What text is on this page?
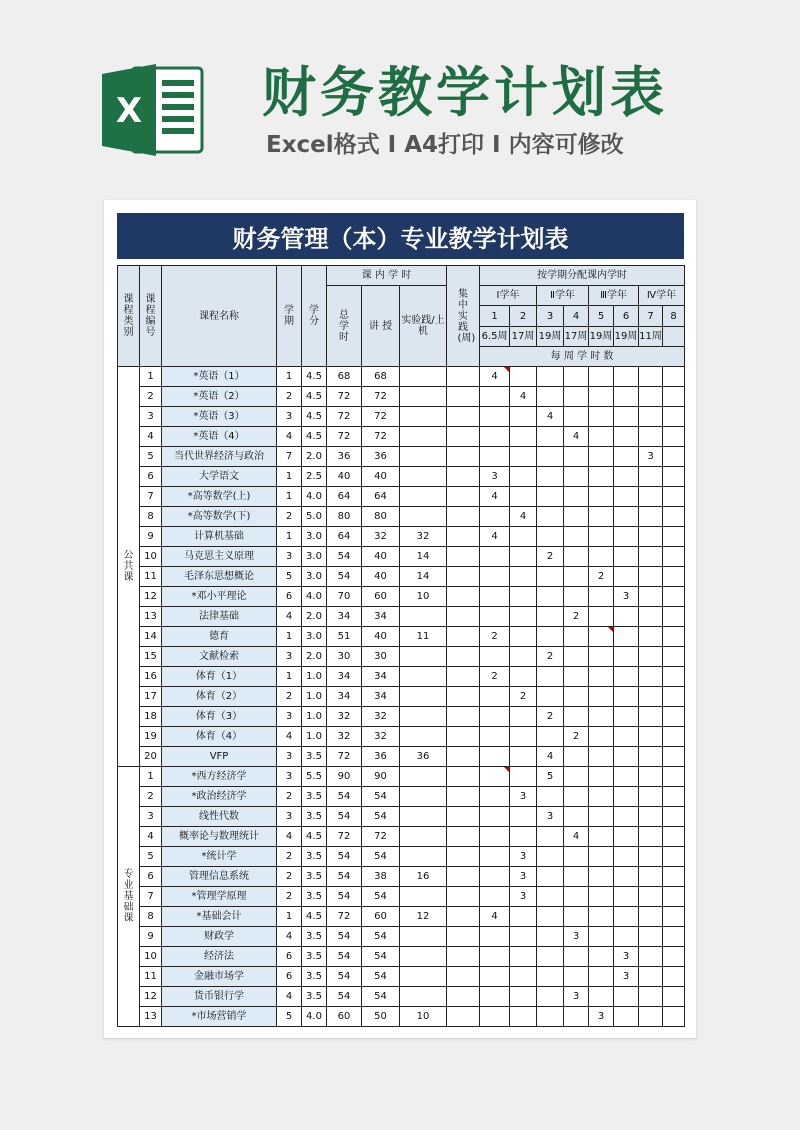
X 财务教学计划表
Excel格式 I A4打印 I 内容可修改
财务管理（本）专业教学计划表
课程类别	课程编号	课程名称	学期	学分	课 内 学 时			集中实践(周)	按学期分配课内学时							
					总学时	讲 授	实验践/上机		Ⅰ学年		Ⅱ学年		Ⅲ学年		Ⅳ学年	
									1	2	3	4	5	6	7	8
									6.5周	17周	19周	17周	19周	19周	11周	
									每 周 学 时 数							
公共课	1	*英语（1）	1	4.5	68	68			4							
	2	*英语（2）	2	4.5	72	72				4						
	3	*英语（3）	3	4.5	72	72					4					
	4	*英语（4）	4	4.5	72	72						4				
	5	当代世界经济与政治	7	2.0	36	36									3	
	6	大学语文	1	2.5	40	40			3							
	7	*高等数学(上)	1	4.0	64	64			4							
	8	*高等数学(下)	2	5.0	80	80				4						
	9	计算机基础	1	3.0	64	32	32		4							
	10	马克思主义原理	3	3.0	54	40	14				2					
	11	毛泽东思想概论	5	3.0	54	40	14						2			
	12	*邓小平理论	6	4.0	70	60	10							3		
	13	法律基础	4	2.0	34	34						2				
	14	德育	1	3.0	51	40	11		2							
	15	文献检索	3	2.0	30	30					2					
	16	体育（1）	1	1.0	34	34			2							
	17	体育（2）	2	1.0	34	34				2						
	18	体育（3）	3	1.0	32	32					2					
	19	体育（4）	4	1.0	32	32						2				
	20	VFP	3	3.5	72	36	36				4					
专业基础课	1	*西方经济学	3	5.5	90	90					5					
	2	*政治经济学	2	3.5	54	54				3						
	3	线性代数	3	3.5	54	54					3					
	4	概率论与数理统计	4	4.5	72	72						4				
	5	*统计学	2	3.5	54	54				3						
	6	管理信息系统	2	3.5	54	38	16			3						
	7	*管理学原理	2	3.5	54	54				3						
	8	*基础会计	1	4.5	72	60	12		4							
	9	财政学	4	3.5	54	54						3				
	10	经济法	6	3.5	54	54								3		
	11	金融市场学	6	3.5	54	54								3		
	12	货币银行学	4	3.5	54	54						3				
	13	*市场营销学	5	4.0	60	50	10						3			
